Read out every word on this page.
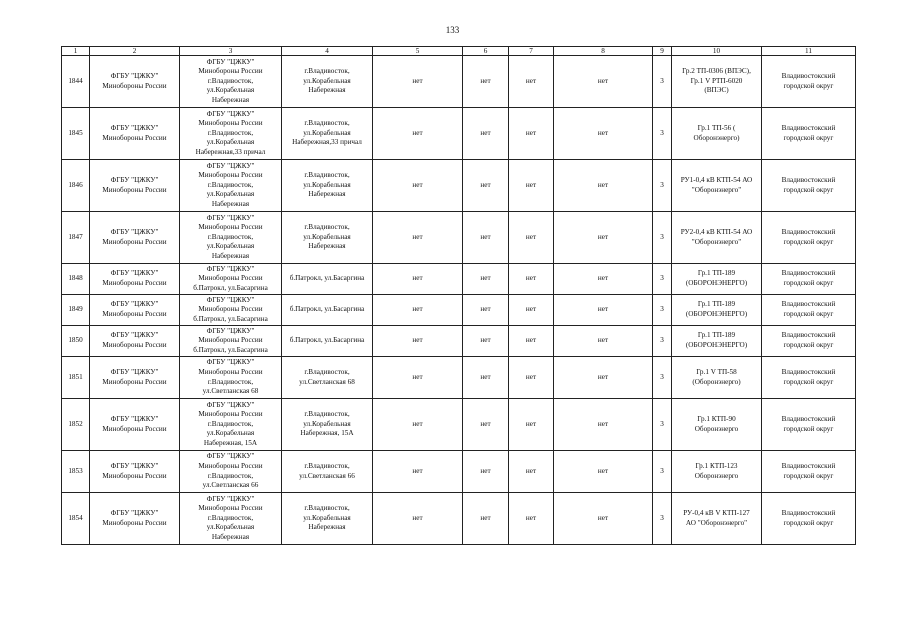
133
1	2	3	4	5	6	7	8	9	10	11
1844	ФГБУ "ЦЖКУ"
Минобороны России	ФГБУ "ЦЖКУ"
Минобороны России
г.Владивосток,
ул.Корабельная
Набережная	г.Владивосток,
ул.Корабельная
Набережная	нет	нет	нет	нет	3	Гр.2 ТП-0306 (ВПЭС),
Гр.1 V РТП-6020
(ВПЭС)	Владивостокский
городской округ
1845	ФГБУ "ЦЖКУ"
Минобороны России	ФГБУ "ЦЖКУ"
Минобороны России
г.Владивосток,
ул.Корабельная
Набережная,33 причал	г.Владивосток,
ул.Корабельная
Набережная,33 причал	нет	нет	нет	нет	3	Гр.1 ТП-56 (
Оборонэнерго)	Владивостокский
городской округ
1846	ФГБУ "ЦЖКУ"
Минобороны России	ФГБУ "ЦЖКУ"
Минобороны России
г.Владивосток,
ул.Корабельная
Набережная	г.Владивосток,
ул.Корабельная
Набережная	нет	нет	нет	нет	3	РУ1-0,4 кВ КТП-54 АО
"Оборонэнерго"	Владивостокский
городской округ
1847	ФГБУ "ЦЖКУ"
Минобороны России	ФГБУ "ЦЖКУ"
Минобороны России
г.Владивосток,
ул.Корабельная
Набережная	г.Владивосток,
ул.Корабельная
Набережная	нет	нет	нет	нет	3	РУ2-0,4 кВ КТП-54 АО
"Оборонэнерго"	Владивостокский
городской округ
1848	ФГБУ "ЦЖКУ"
Минобороны России	ФГБУ "ЦЖКУ"
Минобороны России
б.Патрокл, ул.Басаргина	б.Патрокл, ул.Басаргина	нет	нет	нет	нет	3	Гр.1 ТП-189
(ОБОРОНЭНЕРГО)	Владивостокский
городской округ
1849	ФГБУ "ЦЖКУ"
Минобороны России	ФГБУ "ЦЖКУ"
Минобороны России
б.Патрокл, ул.Басаргина	б.Патрокл, ул.Басаргина	нет	нет	нет	нет	3	Гр.1 ТП-189
(ОБОРОНЭНЕРГО)	Владивостокский
городской округ
1850	ФГБУ "ЦЖКУ"
Минобороны России	ФГБУ "ЦЖКУ"
Минобороны России
б.Патрокл, ул.Басаргина	б.Патрокл, ул.Басаргина	нет	нет	нет	нет	3	Гр.1 ТП-189
(ОБОРОНЭНЕРГО)	Владивостокский
городской округ
1851	ФГБУ "ЦЖКУ"
Минобороны России	ФГБУ "ЦЖКУ"
Минобороны России
г.Владивосток,
ул.Светланская 68	г.Владивосток,
ул.Светланская 68	нет	нет	нет	нет	3	Гр.1 V ТП-58
(Оборонэнерго)	Владивостокский
городской округ
1852	ФГБУ "ЦЖКУ"
Минобороны России	ФГБУ "ЦЖКУ"
Минобороны России
г.Владивосток,
ул.Корабельная
Набережная, 15А	г.Владивосток,
ул.Корабельная
Набережная, 15А	нет	нет	нет	нет	3	Гр.1 КТП-90
Оборонэнерго	Владивостокский
городской округ
1853	ФГБУ "ЦЖКУ"
Минобороны России	ФГБУ "ЦЖКУ"
Минобороны России
г.Владивосток,
ул.Светланская 66	г.Владивосток,
ул.Светланская 66	нет	нет	нет	нет	3	Гр.1 КТП-123
Оборонэнерго	Владивостокский
городской округ
1854	ФГБУ "ЦЖКУ"
Минобороны России	ФГБУ "ЦЖКУ"
Минобороны России
г.Владивосток,
ул.Корабельная
Набережная	г.Владивосток,
ул.Корабельная
Набережная	нет	нет	нет	нет	3	РУ-0,4 кВ V КТП-127
АО "Оборонэнерго"	Владивостокский
городской округ
